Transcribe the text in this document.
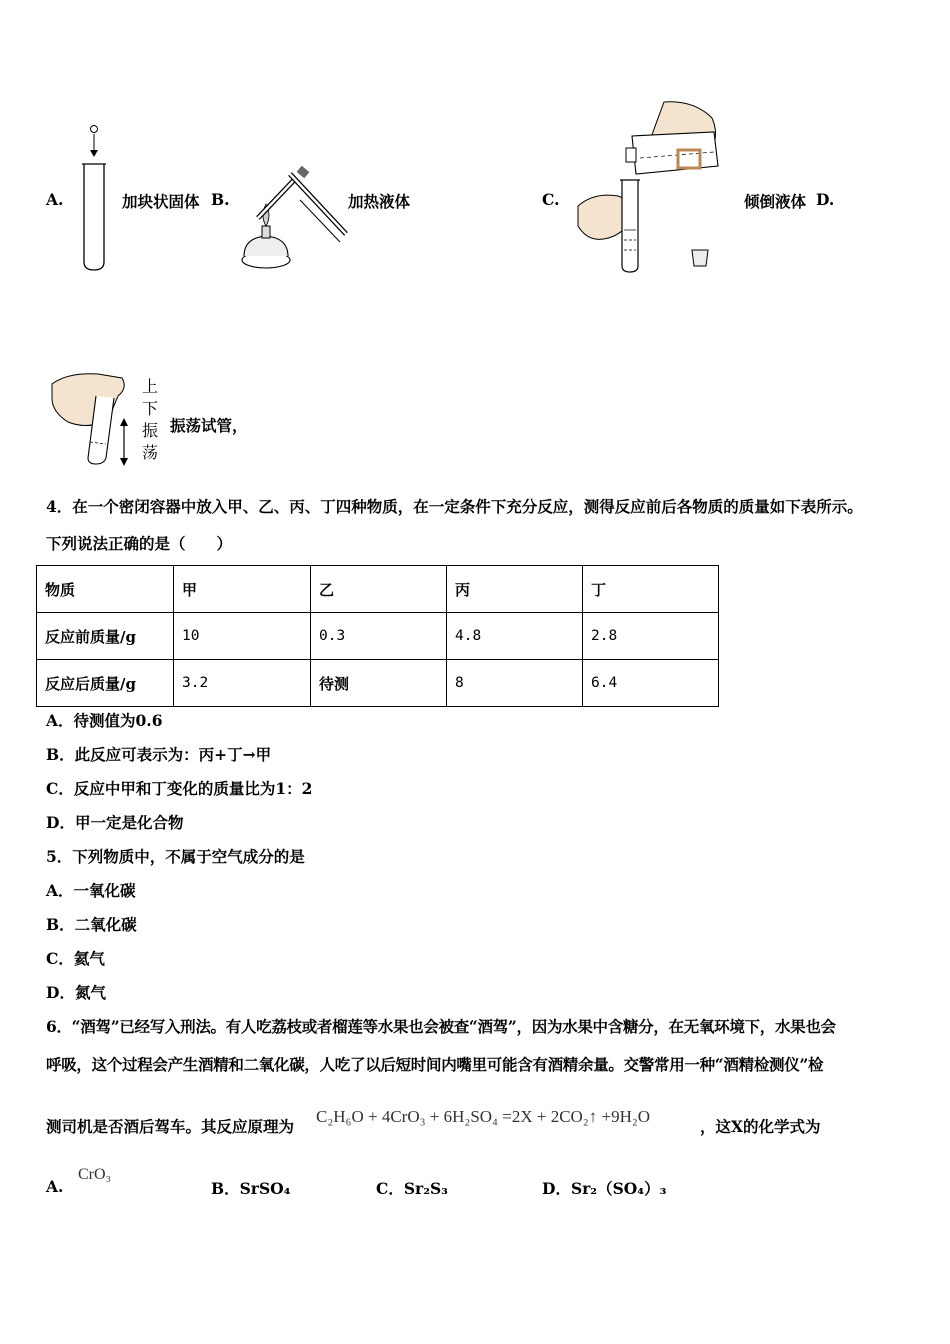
A.	加块状固体 B.	加热液体	C.	倾倒液体 D.
上
下
振
荡
振荡试管，
4．在一个密闭容器中放入甲、乙、丙、丁四种物质，在一定条件下充分反应，测得反应前后各物质的质量如下表所示。
下列说法正确的是（　　）
物质	甲	乙	丙	丁
反应前质量/g	10	0.3	4.8	2.8
反应后质量/g	3.2	待测	8	6.4
A．待测值为0.6
B．此反应可表示为：丙+丁→甲
C．反应中甲和丁变化的质量比为1：2
D．甲一定是化合物
5．下列物质中，不属于空气成分的是
A．一氧化碳
B．二氧化碳
C．氦气
D．氮气
6．“酒驾”已经写入刑法。有人吃荔枝或者榴莲等水果也会被查“酒驾”，因为水果中含糖分，在无氧环境下，水果也会
呼吸，这个过程会产生酒精和二氧化碳，人吃了以后短时间内嘴里可能含有酒精余量。交警常用一种“酒精检测仪”检
测司机是否酒后驾车。其反应原理为
C₂H₆O + 4CrO₃ + 6H₂SO₄ =2X + 2CO₂↑ +9H₂O
，这X的化学式为
A.
CrO₃
B．SrSO₄	C．Sr₂S₃	D．Sr₂（SO₄）₃
